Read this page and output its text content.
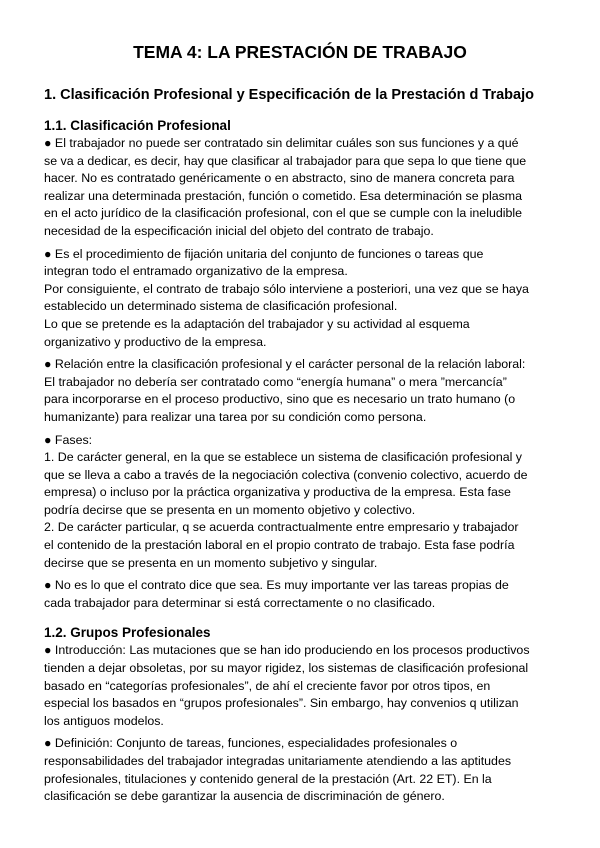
TEMA 4: LA PRESTACIÓN DE TRABAJO
1. Clasificación Profesional y Especificación de la Prestación d Trabajo
1.1. Clasificación Profesional

● El trabajador no puede ser contratado sin delimitar cuáles son sus funciones y a qué
se va a dedicar, es decir, hay que clasificar al trabajador para que sepa lo que tiene que
hacer. No es contratado genéricamente o en abstracto, sino de manera concreta para
realizar una determinada prestación, función o cometido. Esa determinación se plasma
en el acto jurídico de la clasificación profesional, con el que se cumple con la ineludible
necesidad de la especificación inicial del objeto del contrato de trabajo.

● Es el procedimiento de fijación unitaria del conjunto de funciones o tareas que
integran todo el entramado organizativo de la empresa.
Por consiguiente, el contrato de trabajo sólo interviene a posteriori, una vez que se haya
establecido un determinado sistema de clasificación profesional.
Lo que se pretende es la adaptación del trabajador y su actividad al esquema
organizativo y productivo de la empresa.

● Relación entre la clasificación profesional y el carácter personal de la relación laboral:
El trabajador no debería ser contratado como “energía humana” o mera ”mercancía”
para incorporarse en el proceso productivo, sino que es necesario un trato humano (o
humanizante) para realizar una tarea por su condición como persona.

● Fases:
1. De carácter general, en la que se establece un sistema de clasificación profesional y
que se lleva a cabo a través de la negociación colectiva (convenio colectivo, acuerdo de
empresa) o incluso por la práctica organizativa y productiva de la empresa. Esta fase
podría decirse que se presenta en un momento objetivo y colectivo.
2. De carácter particular, q se acuerda contractualmente entre empresario y trabajador
el contenido de la prestación laboral en el propio contrato de trabajo. Esta fase podría
decirse que se presenta en un momento subjetivo y singular.

● No es lo que el contrato dice que sea. Es muy importante ver las tareas propias de
cada trabajador para determinar si está correctamente o no clasificado.

1.2. Grupos Profesionales

● Introducción: Las mutaciones que se han ido produciendo en los procesos productivos
tienden a dejar obsoletas, por su mayor rigidez, los sistemas de clasificación profesional
basado en “categorías profesionales”, de ahí el creciente favor por otros tipos, en
especial los basados en “grupos profesionales”. Sin embargo, hay convenios q utilizan
los antiguos modelos.

● Definición: Conjunto de tareas, funciones, especialidades profesionales o
responsabilidades del trabajador integradas unitariamente atendiendo a las aptitudes
profesionales, titulaciones y contenido general de la prestación (Art. 22 ET). En la
clasificación se debe garantizar la ausencia de discriminación de género.
